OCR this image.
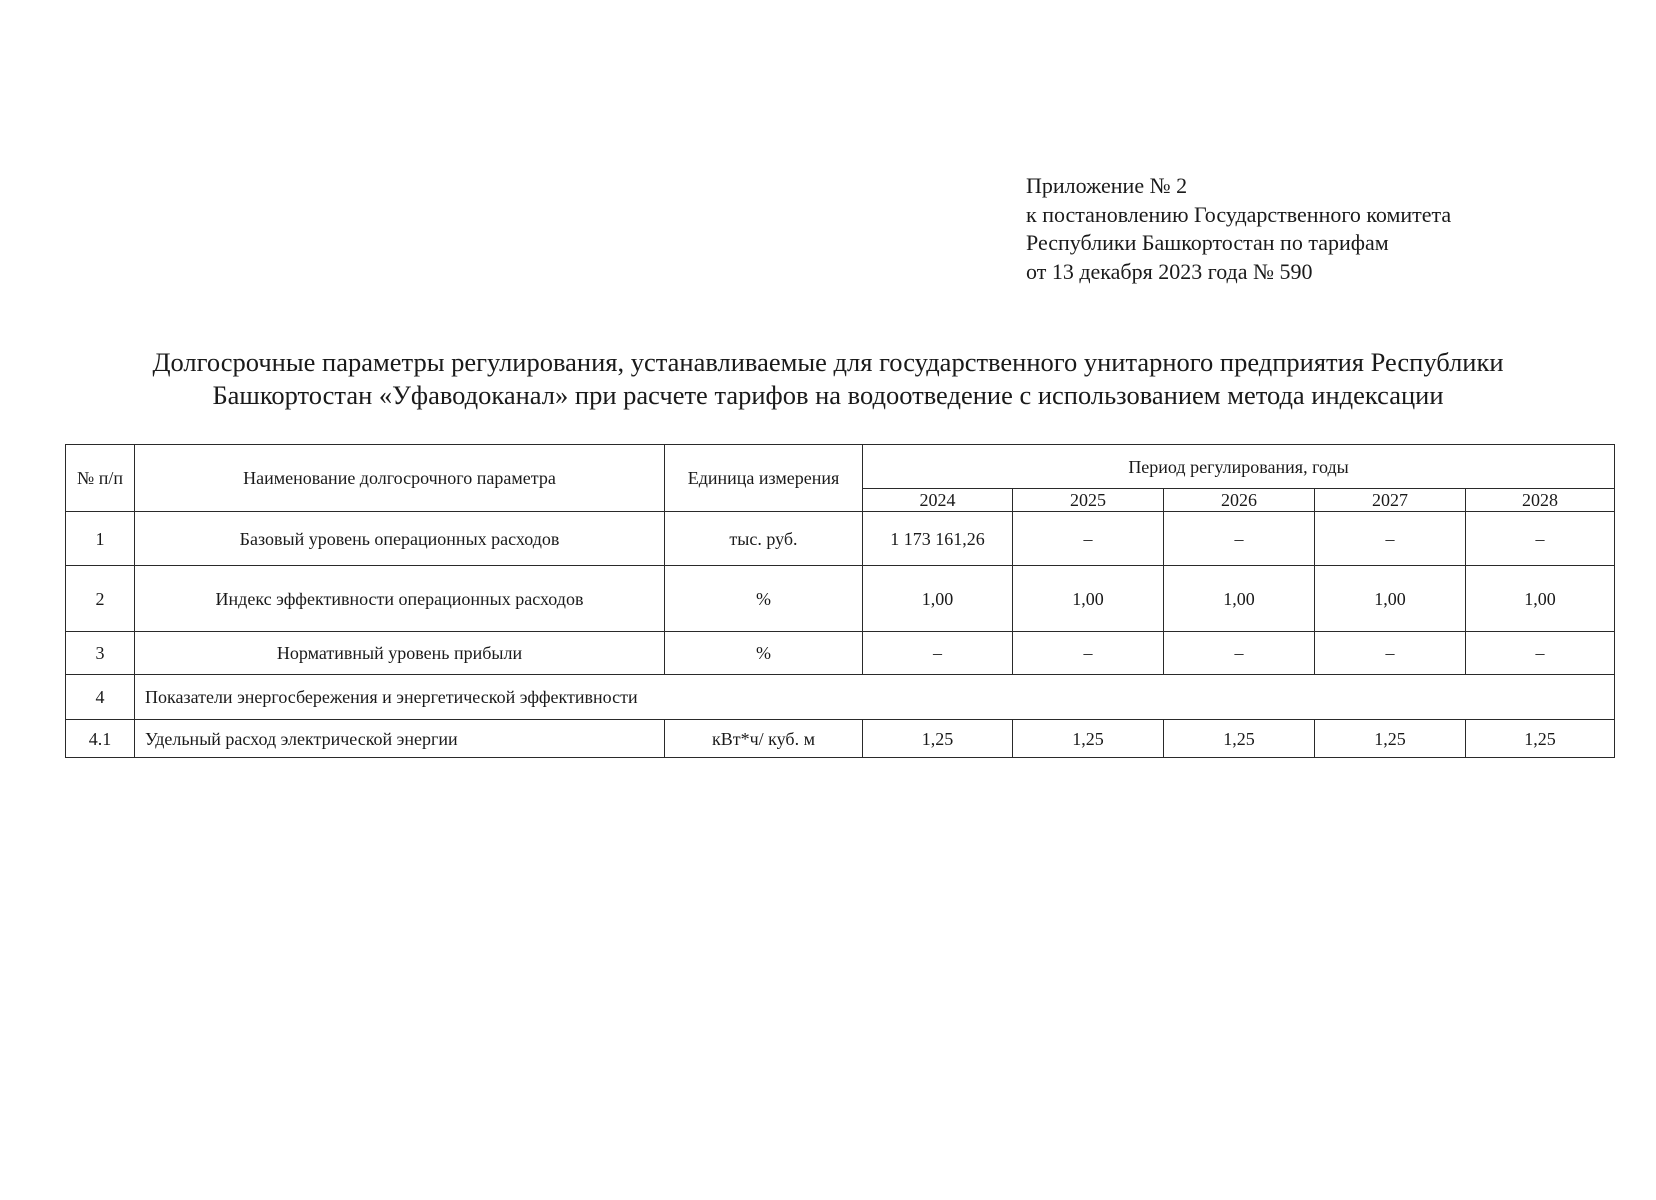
Приложение № 2
к постановлению Государственного комитета
Республики Башкортостан по тарифам
от 13 декабря 2023 года № 590
Долгосрочные параметры регулирования, устанавливаемые для государственного унитарного предприятия Республики
Башкортостан «Уфаводоканал» при расчете тарифов на водоотведение с использованием метода индексации
№ п/п	Наименование долгосрочного параметра	Единица измерения	Период регулирования, годы				
			2024	2025	2026	2027	2028
1	Базовый уровень операционных расходов	тыс. руб.	1 173 161,26	–	–	–	–
2	Индекс эффективности операционных расходов	%	1,00	1,00	1,00	1,00	1,00
3	Нормативный уровень прибыли	%	–	–	–	–	–
4	Показатели энергосбережения и энергетической эффективности						
4.1	Удельный расход электрической энергии	кВт*ч/ куб. м	1,25	1,25	1,25	1,25	1,25
